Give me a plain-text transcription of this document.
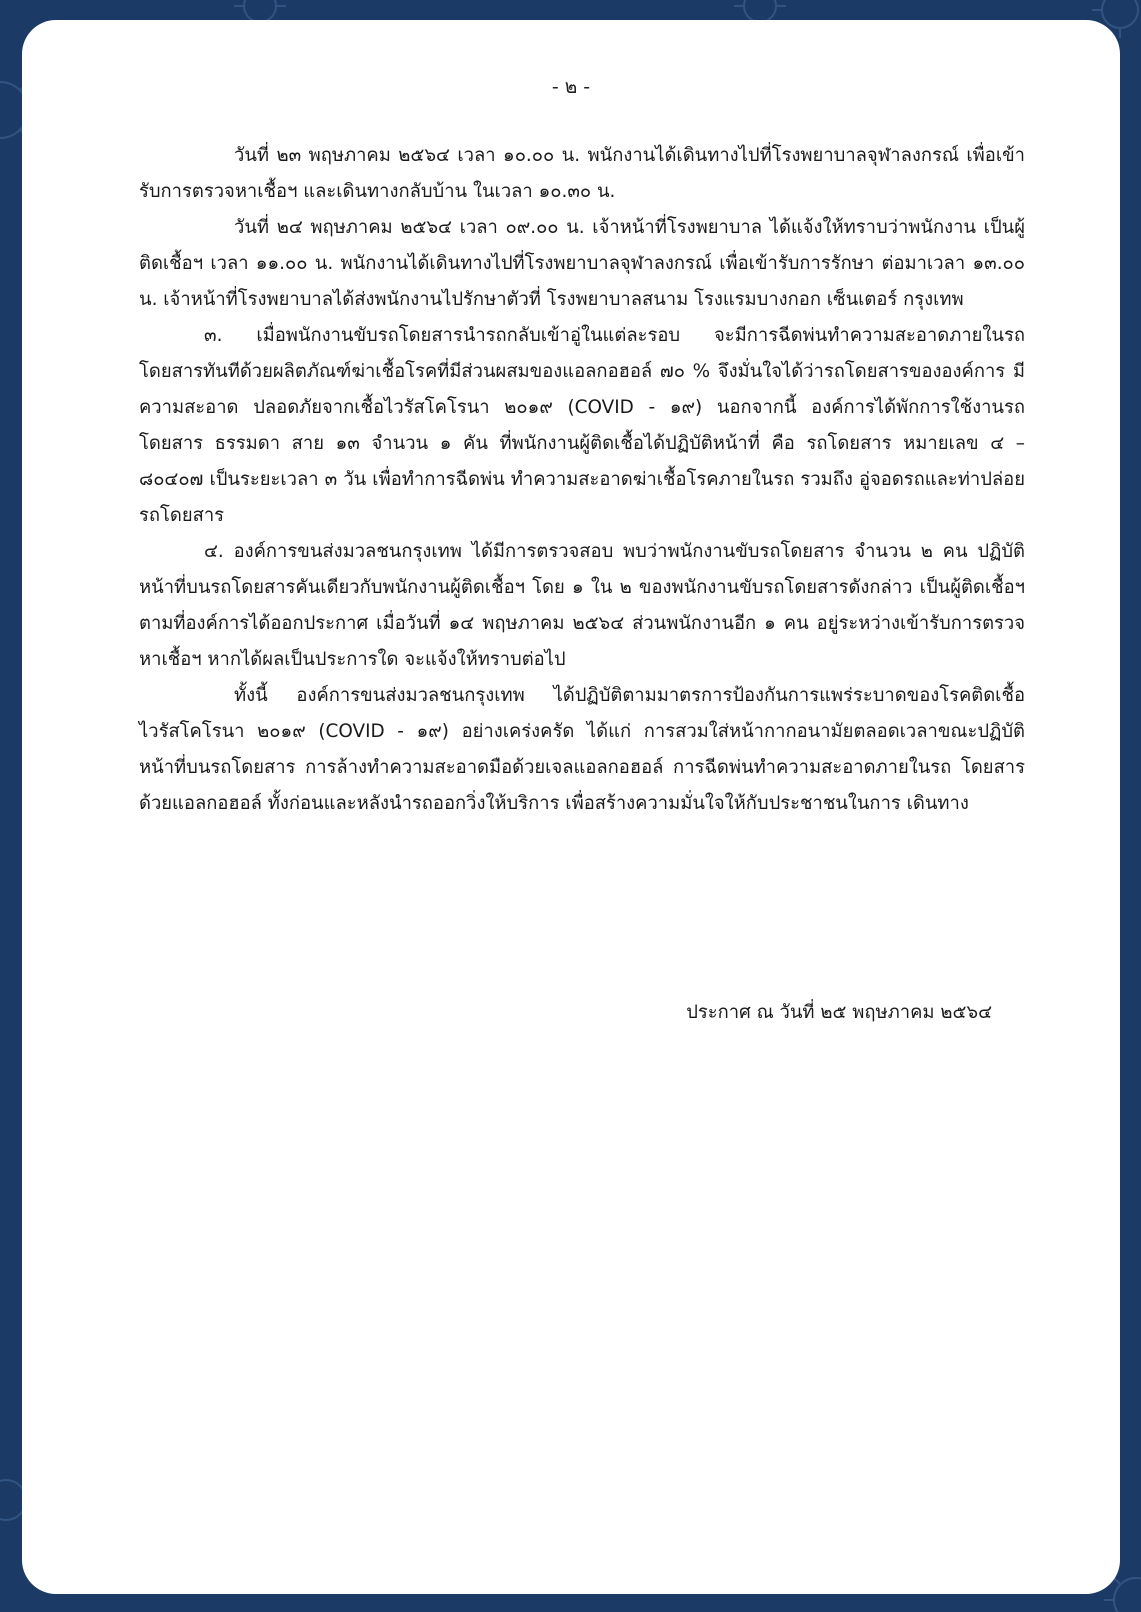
- ๒ -

วันที่ ๒๓ พฤษภาคม ๒๕๖๔ เวลา ๑๐.๐๐ น. พนักงานได้เดินทางไปที่โรงพยาบาลจุฬาลงกรณ์ เพื่อเข้ารับการตรวจหาเชื้อฯ และเดินทางกลับบ้าน ในเวลา ๑๐.๓๐ น.

วันที่ ๒๔ พฤษภาคม ๒๕๖๔ เวลา ๐๙.๐๐ น. เจ้าหน้าที่โรงพยาบาล ได้แจ้งให้ทราบว่าพนักงาน เป็นผู้ติดเชื้อฯ เวลา ๑๑.๐๐ น. พนักงานได้เดินทางไปที่โรงพยาบาลจุฬาลงกรณ์ เพื่อเข้ารับการรักษา ต่อมาเวลา ๑๓.๐๐ น. เจ้าหน้าที่โรงพยาบาลได้ส่งพนักงานไปรักษาตัวที่ โรงพยาบาลสนาม โรงแรมบางกอก เซ็นเตอร์ กรุงเทพ

๓. เมื่อพนักงานขับรถโดยสารนำรถกลับเข้าอู่ในแต่ละรอบ จะมีการฉีดพ่นทำความสะอาดภายในรถ โดยสารทันทีด้วยผลิตภัณฑ์ฆ่าเชื้อโรคที่มีส่วนผสมของแอลกอฮอล์ ๗๐ % จึงมั่นใจได้ว่ารถโดยสารขององค์การ มีความสะอาด ปลอดภัยจากเชื้อไวรัสโคโรนา ๒๐๑๙ (COVID - ๑๙) นอกจากนี้ องค์การได้พักการใช้งานรถโดยสาร ธรรมดา สาย ๑๓ จำนวน ๑ คัน ที่พนักงานผู้ติดเชื้อได้ปฏิบัติหน้าที่ คือ รถโดยสาร หมายเลข ๔ – ๘๐๔๐๗ เป็นระยะเวลา ๓ วัน เพื่อทำการฉีดพ่น ทำความสะอาดฆ่าเชื้อโรคภายในรถ รวมถึง อู่จอดรถและท่าปล่อย รถโดยสาร

๔. องค์การขนส่งมวลชนกรุงเทพ ได้มีการตรวจสอบ พบว่าพนักงานขับรถโดยสาร จำนวน ๒ คน ปฏิบัติหน้าที่บนรถโดยสารคันเดียวกับพนักงานผู้ติดเชื้อฯ โดย ๑ ใน ๒ ของพนักงานขับรถโดยสารดังกล่าว เป็นผู้ติดเชื้อฯ ตามที่องค์การได้ออกประกาศ เมื่อวันที่ ๑๔ พฤษภาคม ๒๕๖๔ ส่วนพนักงานอีก ๑ คน อยู่ระหว่างเข้ารับการตรวจหาเชื้อฯ หากได้ผลเป็นประการใด จะแจ้งให้ทราบต่อไป

ทั้งนี้ องค์การขนส่งมวลชนกรุงเทพ ได้ปฏิบัติตามมาตรการป้องกันการแพร่ระบาดของโรคติดเชื้อ ไวรัสโคโรนา ๒๐๑๙ (COVID - ๑๙) อย่างเคร่งครัด ได้แก่ การสวมใส่หน้ากากอนามัยตลอดเวลาขณะปฏิบัติ หน้าที่บนรถโดยสาร การล้างทำความสะอาดมือด้วยเจลแอลกอฮอล์ การฉีดพ่นทำความสะอาดภายในรถ โดยสารด้วยแอลกอฮอล์ ทั้งก่อนและหลังนำรถออกวิ่งให้บริการ เพื่อสร้างความมั่นใจให้กับประชาชนในการ เดินทาง

ประกาศ ณ วันที่ ๒๕ พฤษภาคม ๒๕๖๔
